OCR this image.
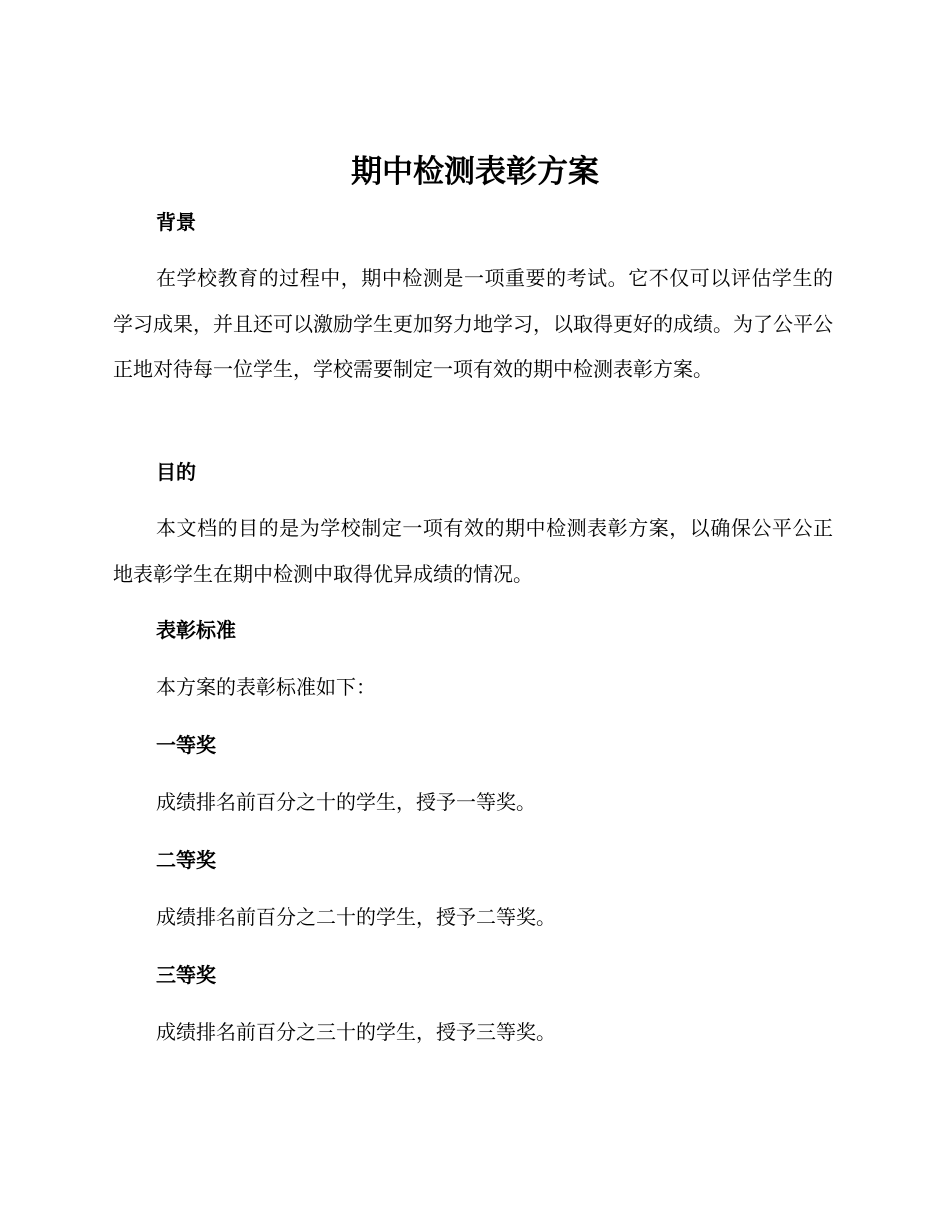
期中检测表彰方案
背景

在学校教育的过程中，期中检测是一项重要的考试。它不仅可以评估学生的学习成果，并且还可以激励学生更加努力地学习，以取得更好的成绩。为了公平公正地对待每一位学生，学校需要制定一项有效的期中检测表彰方案。

目的

本文档的目的是为学校制定一项有效的期中检测表彰方案，以确保公平公正地表彰学生在期中检测中取得优异成绩的情况。

表彰标准

本方案的表彰标准如下：

一等奖

成绩排名前百分之十的学生，授予一等奖。

二等奖

成绩排名前百分之二十的学生，授予二等奖。

三等奖

成绩排名前百分之三十的学生，授予三等奖。
